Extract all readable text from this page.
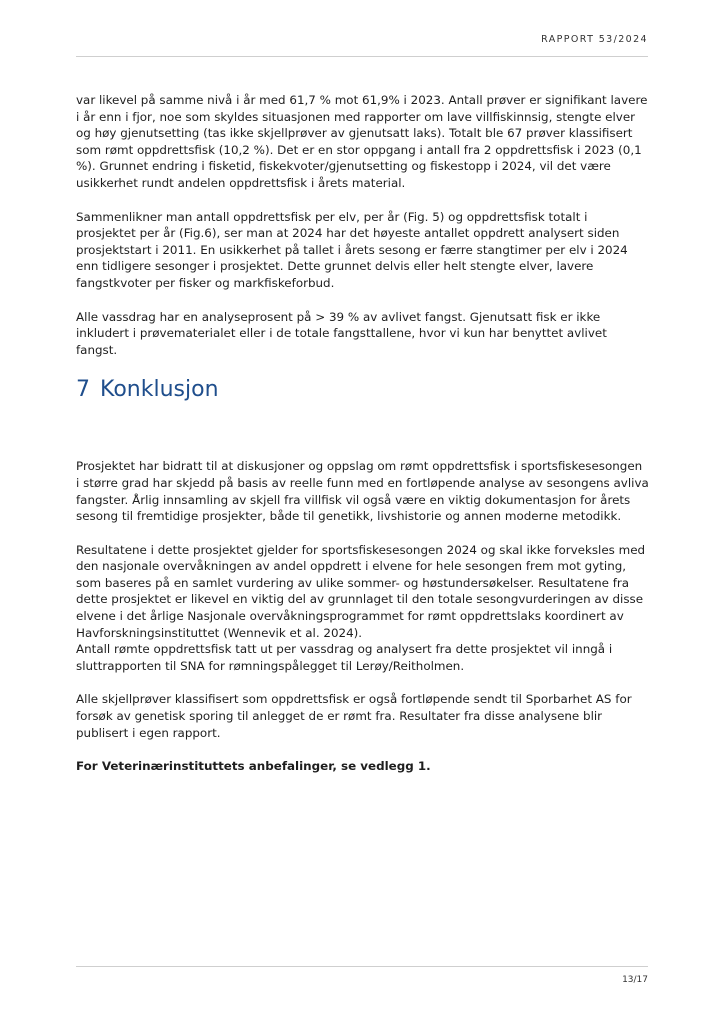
RAPPORT 53/2024

var likevel på samme nivå i år med 61,7 % mot 61,9% i 2023. Antall prøver er signifikant lavere
i år enn i fjor, noe som skyldes situasjonen med rapporter om lave villfiskinnsig, stengte elver
og høy gjenutsetting (tas ikke skjellprøver av gjenutsatt laks). Totalt ble 67 prøver klassifisert
som rømt oppdrettsfisk (10,2 %). Det er en stor oppgang i antall fra 2 oppdrettsfisk i 2023 (0,1
%). Grunnet endring i fisketid, fiskekvoter/gjenutsetting og fiskestopp i 2024, vil det være
usikkerhet rundt andelen oppdrettsfisk i årets material.

Sammenlikner man antall oppdrettsfisk per elv, per år (Fig. 5) og oppdrettsfisk totalt i
prosjektet per år (Fig.6), ser man at 2024 har det høyeste antallet oppdrett analysert siden
prosjektstart i 2011. En usikkerhet på tallet i årets sesong er færre stangtimer per elv i 2024
enn tidligere sesonger i prosjektet. Dette grunnet delvis eller helt stengte elver, lavere
fangstkvoter per fisker og markfiskeforbud.

Alle vassdrag har en analyseprosent på > 39 % av avlivet fangst. Gjenutsatt fisk er ikke
inkludert i prøvematerialet eller i de totale fangsttallene, hvor vi kun har benyttet avlivet
fangst.

7 Konklusjon

Prosjektet har bidratt til at diskusjoner og oppslag om rømt oppdrettsfisk i sportsfiskesesongen
i større grad har skjedd på basis av reelle funn med en fortløpende analyse av sesongens avliva
fangster. Årlig innsamling av skjell fra villfisk vil også være en viktig dokumentasjon for årets
sesong til fremtidige prosjekter, både til genetikk, livshistorie og annen moderne metodikk.

Resultatene i dette prosjektet gjelder for sportsfiskesesongen 2024 og skal ikke forveksles med
den nasjonale overvåkningen av andel oppdrett i elvene for hele sesongen frem mot gyting,
som baseres på en samlet vurdering av ulike sommer- og høstundersøkelser. Resultatene fra
dette prosjektet er likevel en viktig del av grunnlaget til den totale sesongvurderingen av disse
elvene i det årlige Nasjonale overvåkningsprogrammet for rømt oppdrettslaks koordinert av
Havforskningsinstituttet (Wennevik et al. 2024).
Antall rømte oppdrettsfisk tatt ut per vassdrag og analysert fra dette prosjektet vil inngå i
sluttrapporten til SNA for rømningspålegget til Lerøy/Reitholmen.

Alle skjellprøver klassifisert som oppdrettsfisk er også fortløpende sendt til Sporbarhet AS for
forsøk av genetisk sporing til anlegget de er rømt fra. Resultater fra disse analysene blir
publisert i egen rapport.

For Veterinærinstituttets anbefalinger, se vedlegg 1.

13/17
